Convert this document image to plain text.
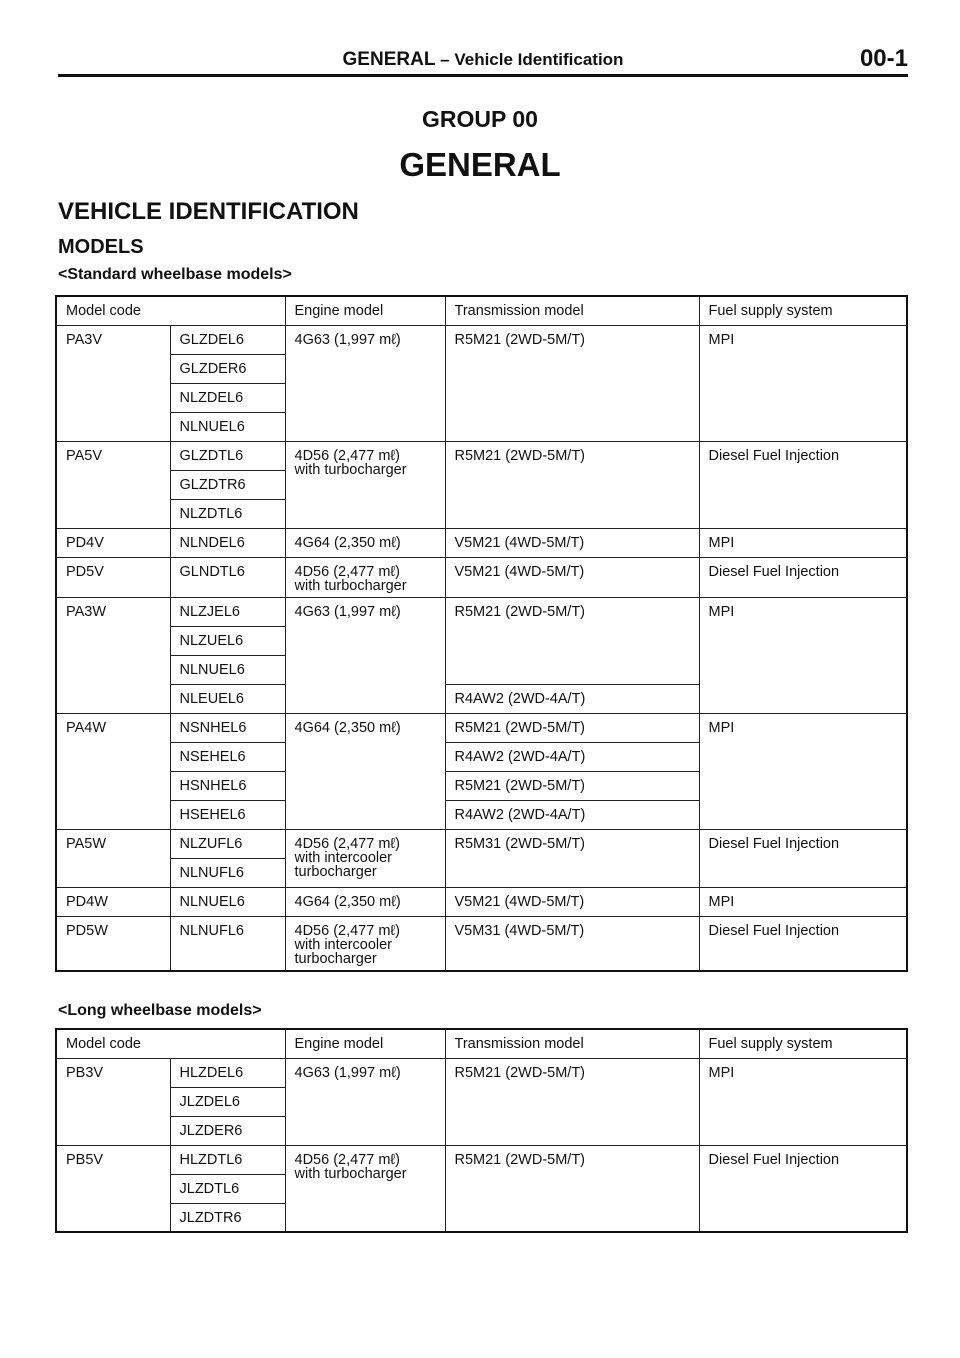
GENERAL – Vehicle Identification	00-1
GROUP 00
GENERAL
VEHICLE IDENTIFICATION
MODELS
<Standard wheelbase models>
Model code		Engine model	Transmission model	Fuel supply system
PA3V	GLZDEL6	4G63 (1,997 mℓ)	R5M21 (2WD-5M/T)	MPI
	GLZDER6			
	NLZDEL6			
	NLNUEL6			
PA5V	GLZDTL6	4D56 (2,477 mℓ)
with turbocharger	R5M21 (2WD-5M/T)	Diesel Fuel Injection
	GLZDTR6			
	NLZDTL6			
PD4V	NLNDEL6	4G64 (2,350 mℓ)	V5M21 (4WD-5M/T)	MPI
PD5V	GLNDTL6	4D56 (2,477 mℓ)
with turbocharger	V5M21 (4WD-5M/T)	Diesel Fuel Injection
PA3W	NLZJEL6	4G63 (1,997 mℓ)	R5M21 (2WD-5M/T)	MPI
	NLZUEL6			
	NLNUEL6			
	NLEUEL6		R4AW2 (2WD-4A/T)	
PA4W	NSNHEL6	4G64 (2,350 mℓ)	R5M21 (2WD-5M/T)	MPI
	NSEHEL6		R4AW2 (2WD-4A/T)	
	HSNHEL6		R5M21 (2WD-5M/T)	
	HSEHEL6		R4AW2 (2WD-4A/T)	
PA5W	NLZUFL6	4D56 (2,477 mℓ)
with intercooler
turbocharger	R5M31 (2WD-5M/T)	Diesel Fuel Injection
	NLNUFL6			
PD4W	NLNUEL6	4G64 (2,350 mℓ)	V5M21 (4WD-5M/T)	MPI
PD5W	NLNUFL6	4D56 (2,477 mℓ)
with intercooler
turbocharger	V5M31 (4WD-5M/T)	Diesel Fuel Injection
<Long wheelbase models>
Model code		Engine model	Transmission model	Fuel supply system
PB3V	HLZDEL6	4G63 (1,997 mℓ)	R5M21 (2WD-5M/T)	MPI
	JLZDEL6			
	JLZDER6			
PB5V	HLZDTL6	4D56 (2,477 mℓ)
with turbocharger	R5M21 (2WD-5M/T)	Diesel Fuel Injection
	JLZDTL6			
	JLZDTR6			
